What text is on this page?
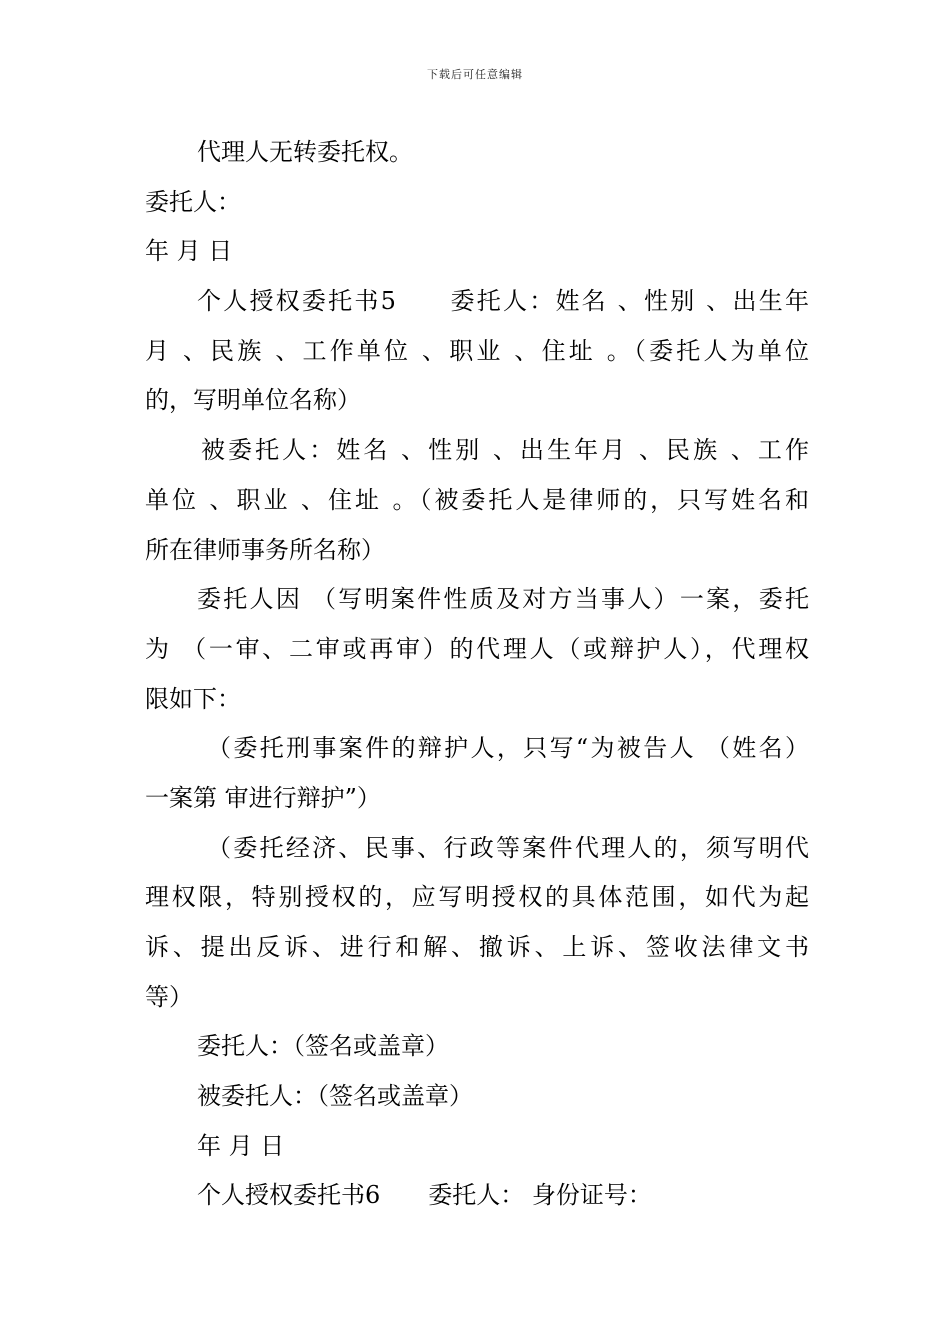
下载后可任意编辑
代理人无转委托权。
委托人：
年 月 日
个人授权委托书5　　委托人：姓名 、性别 、出生年
月 、民族 、工作单位 、职业 、住址 。（委托人为单位
的，写明单位名称）
被委托人：姓名 、性别 、出生年月 、民族 、工作
单位 、职业 、住址 。（被委托人是律师的，只写姓名和
所在律师事务所名称）
委托人因 （写明案件性质及对方当事人）一案，委托
为 （一审、二审或再审）的代理人（或辩护人），代理权
限如下：
（委托刑事案件的辩护人，只写“为被告人 （姓名）
一案第 审进行辩护”）
（委托经济、民事、行政等案件代理人的，须写明代
理权限，特别授权的，应写明授权的具体范围，如代为起
诉、提出反诉、进行和解、撤诉、上诉、签收法律文书
等）
委托人：（签名或盖章）
被委托人：（签名或盖章）
年 月 日
个人授权委托书6　　委托人： 身份证号：
